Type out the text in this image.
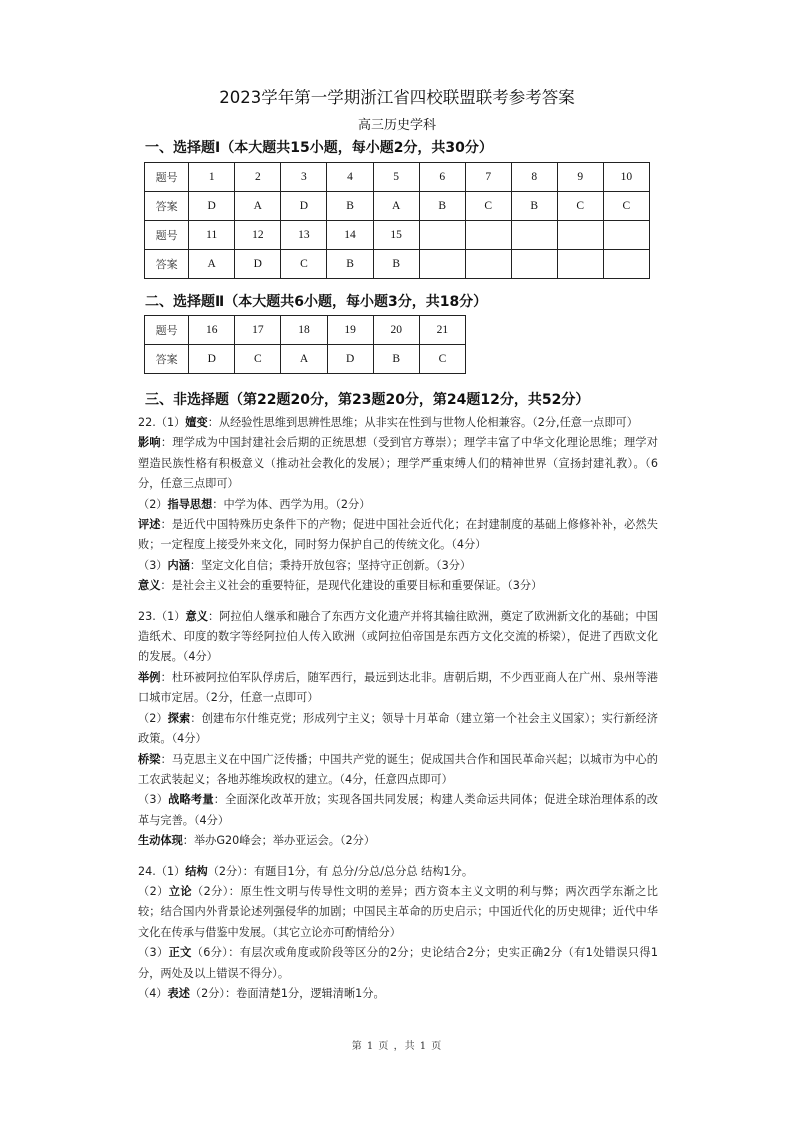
2023学年第一学期浙江省四校联盟联考参考答案
高三历史学科
一、选择题Ⅰ（本大题共15小题，每小题2分，共30分）
题号	1	2	3	4	5	6	7	8	9	10
答案	D	A	D	B	A	B	C	B	C	C
题号	11	12	13	14	15					
答案	A	D	C	B	B					
二、选择题Ⅱ（本大题共6小题，每小题3分，共18分）
题号	16	17	18	19	20	21
答案	D	C	A	D	B	C
三、非选择题（第22题20分，第23题20分，第24题12分，共52分）

22.（1）嬗变：从经验性思维到思辨性思维；从非实在性到与世物人伦相兼容。（2分,任意一点即可）

影响：理学成为中国封建社会后期的正统思想（受到官方尊崇）；理学丰富了中华文化理论思维；理学对塑造民族性格有积极意义（推动社会教化的发展）；理学严重束缚人们的精神世界（宣扬封建礼教）。（6分，任意三点即可）

（2）指导思想：中学为体、西学为用。（2分）

评述：是近代中国特殊历史条件下的产物；促进中国社会近代化；在封建制度的基础上修修补补，必然失败；一定程度上接受外来文化，同时努力保护自己的传统文化。（4分）

（3）内涵：坚定文化自信；秉持开放包容；坚持守正创新。（3分）

意义：是社会主义社会的重要特征，是现代化建设的重要目标和重要保证。（3分）

23.（1）意义：阿拉伯人继承和融合了东西方文化遗产并将其输往欧洲，奠定了欧洲新文化的基础；中国造纸术、印度的数字等经阿拉伯人传入欧洲（或阿拉伯帝国是东西方文化交流的桥梁），促进了西欧文化的发展。（4分）

举例：杜环被阿拉伯军队俘虏后，随军西行，最远到达北非。唐朝后期，不少西亚商人在广州、泉州等港口城市定居。（2分，任意一点即可）

（2）探索：创建布尔什维克党；形成列宁主义；领导十月革命（建立第一个社会主义国家）；实行新经济政策。（4分）

桥梁：马克思主义在中国广泛传播；中国共产党的诞生；促成国共合作和国民革命兴起；以城市为中心的工农武装起义；各地苏维埃政权的建立。（4分，任意四点即可）

（3）战略考量：全面深化改革开放；实现各国共同发展；构建人类命运共同体；促进全球治理体系的改革与完善。（4分）

生动体现：举办G20峰会；举办亚运会。（2分）

24.（1）结构（2分）：有题目1分，有 总分/分总/总分总 结构1分。

（2）立论（2分）：原生性文明与传导性文明的差异；西方资本主义文明的利与弊；两次西学东渐之比较；结合国内外背景论述列强侵华的加剧；中国民主革命的历史启示；中国近代化的历史规律；近代中华文化在传承与借鉴中发展。（其它立论亦可酌情给分）

（3）正文（6分）：有层次或角度或阶段等区分的2分；史论结合2分；史实正确2分（有1处错误只得1分，两处及以上错误不得分）。

（4）表述（2分）：卷面清楚1分，逻辑清晰1分。

第 1 页 ，共 1 页
